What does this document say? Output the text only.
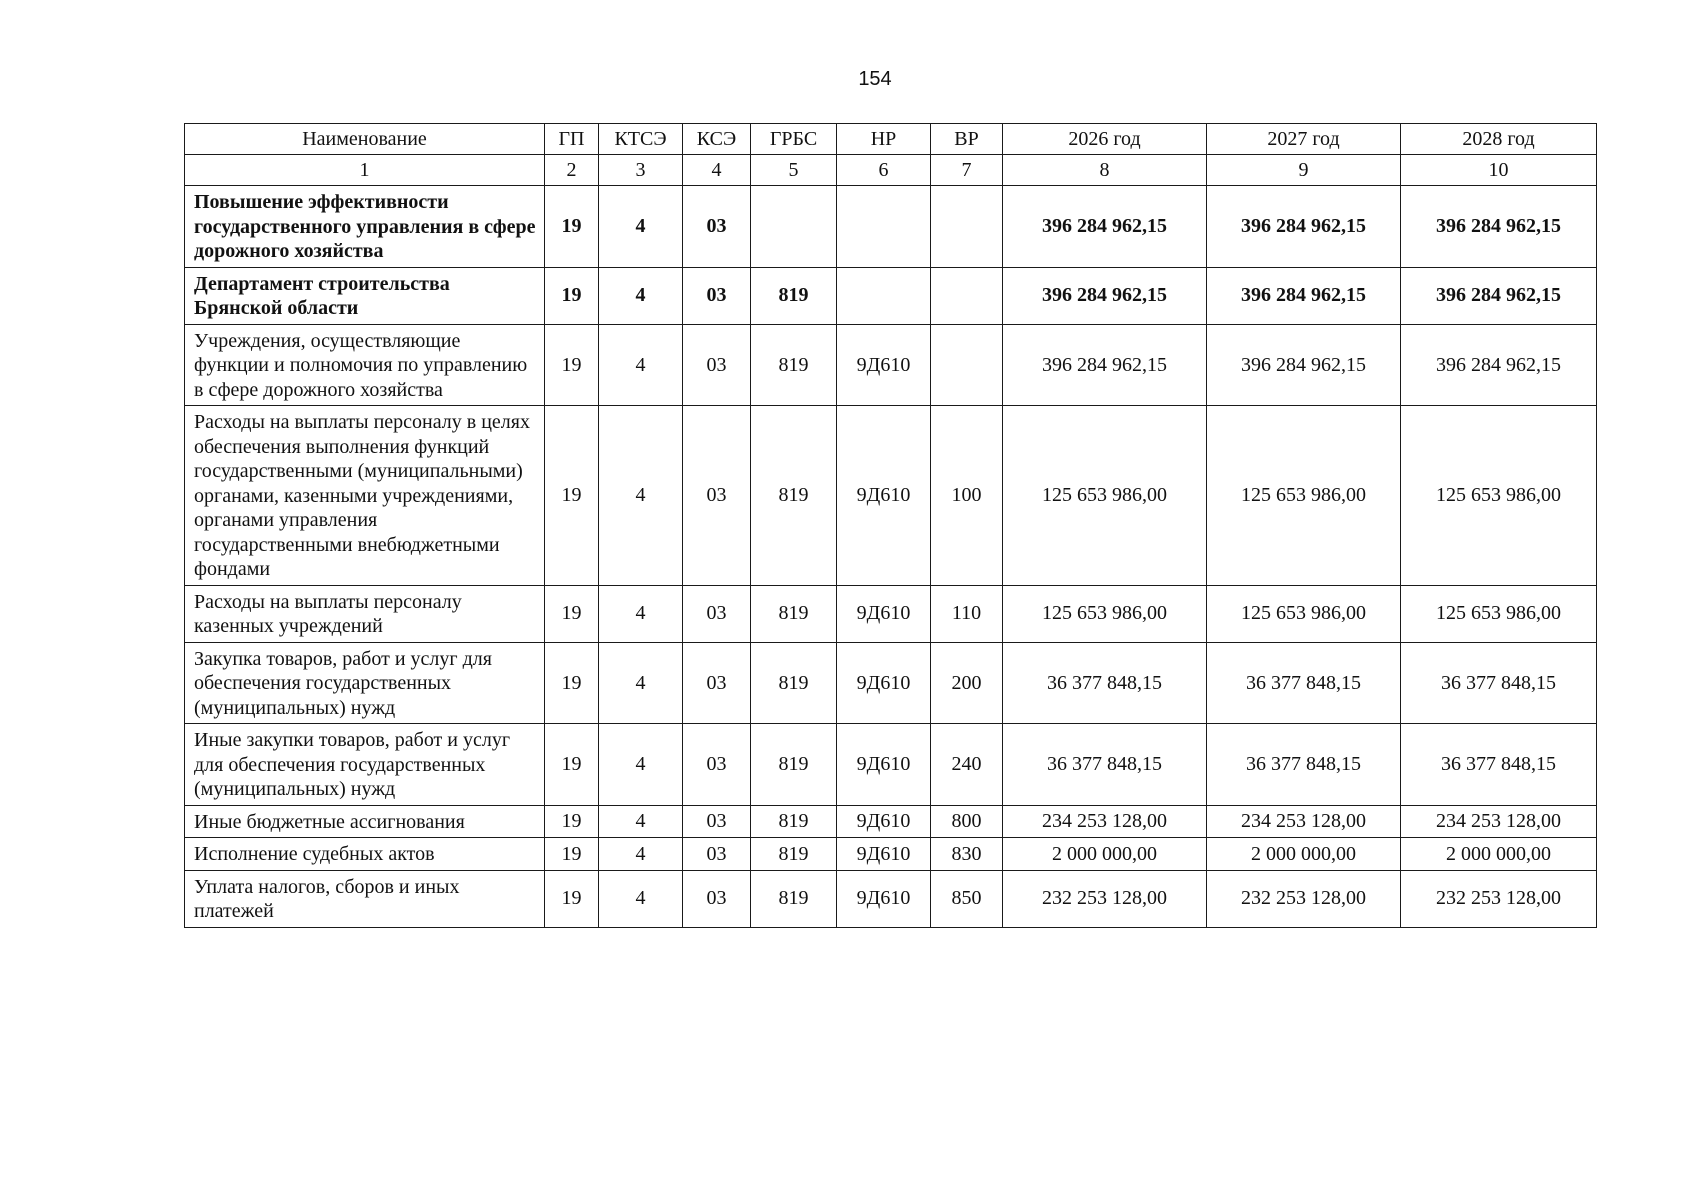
154
Наименование	ГП	КТСЭ	КСЭ	ГРБС	НР	ВР	2026 год	2027 год	2028 год
1	2	3	4	5	6	7	8	9	10
Повышение эффективности государственного управления в сфере дорожного хозяйства	19	4	03				396 284 962,15	396 284 962,15	396 284 962,15
Департамент строительства Брянской области	19	4	03	819			396 284 962,15	396 284 962,15	396 284 962,15
Учреждения, осуществляющие функции и полномочия по управлению в сфере дорожного хозяйства	19	4	03	819	9Д610		396 284 962,15	396 284 962,15	396 284 962,15
Расходы на выплаты персоналу в целях обеспечения выполнения функций государственными (муниципальными) органами, казенными учреждениями, органами управления государственными внебюджетными фондами	19	4	03	819	9Д610	100	125 653 986,00	125 653 986,00	125 653 986,00
Расходы на выплаты персоналу казенных учреждений	19	4	03	819	9Д610	110	125 653 986,00	125 653 986,00	125 653 986,00
Закупка товаров, работ и услуг для обеспечения государственных (муниципальных) нужд	19	4	03	819	9Д610	200	36 377 848,15	36 377 848,15	36 377 848,15
Иные закупки товаров, работ и услуг для обеспечения государственных (муниципальных) нужд	19	4	03	819	9Д610	240	36 377 848,15	36 377 848,15	36 377 848,15
Иные бюджетные ассигнования	19	4	03	819	9Д610	800	234 253 128,00	234 253 128,00	234 253 128,00
Исполнение судебных актов	19	4	03	819	9Д610	830	2 000 000,00	2 000 000,00	2 000 000,00
Уплата налогов, сборов и иных платежей	19	4	03	819	9Д610	850	232 253 128,00	232 253 128,00	232 253 128,00
